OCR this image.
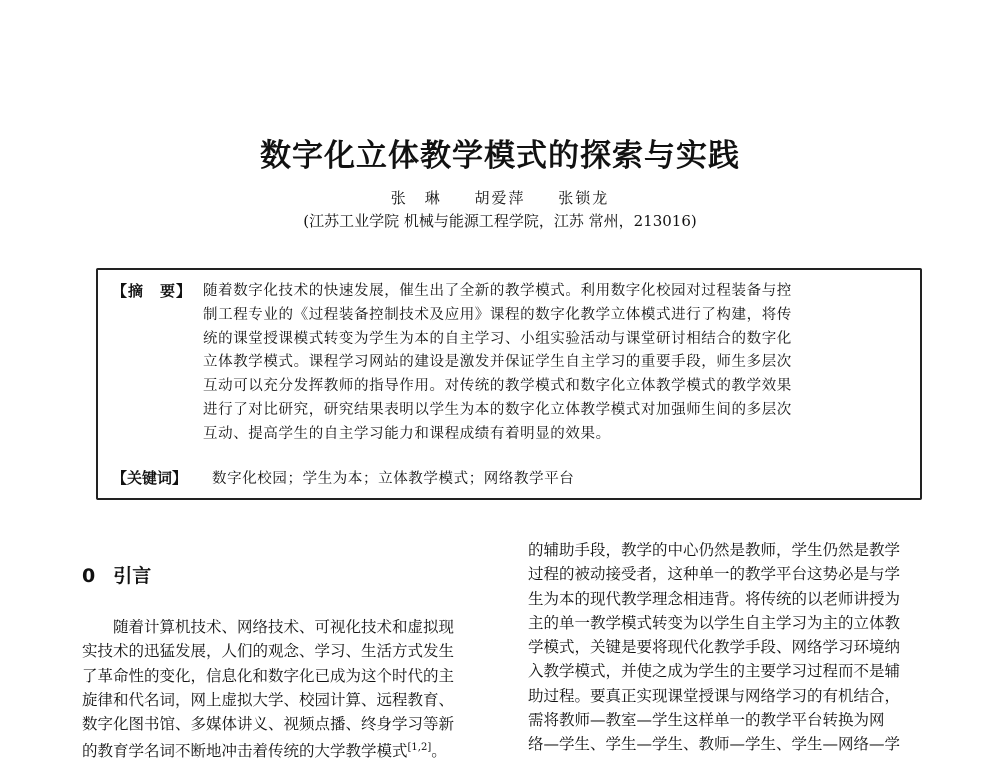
数字化立体教学模式的探索与实践
张　琳 胡爱萍 张锁龙
(江苏工业学院 机械与能源工程学院，江苏 常州，213016)
【摘　要】 随着数字化技术的快速发展，催生出了全新的教学模式。利用数字化校园对过程装备与控
制工程专业的《过程装备控制技术及应用》课程的数字化教学立体模式进行了构建，将传
统的课堂授课模式转变为学生为本的自主学习、小组实验活动与课堂研讨相结合的数字化
立体教学模式。课程学习网站的建设是激发并保证学生自主学习的重要手段，师生多层次
互动可以充分发挥教师的指导作用。对传统的教学模式和数字化立体教学模式的教学效果
进行了对比研究，研究结果表明以学生为本的数字化立体教学模式对加强师生间的多层次
互动、提高学生的自主学习能力和课程成绩有着明显的效果。
【关键词】 数字化校园；学生为本；立体教学模式；网络教学平台
0 引言
随着计算机技术、网络技术、可视化技术和虚拟现
实技术的迅猛发展，人们的观念、学习、生活方式发生
了革命性的变化，信息化和数字化已成为这个时代的主
旋律和代名词，网上虚拟大学、校园计算、远程教育、
数字化图书馆、多媒体讲义、视频点播、终身学习等新
的教育学名词不断地冲击着传统的大学教学模式[1,2]。
的辅助手段，教学的中心仍然是教师，学生仍然是教学
过程的被动接受者，这种单一的教学平台这势必是与学
生为本的现代教学理念相违背。将传统的以老师讲授为
主的单一教学模式转变为以学生自主学习为主的立体教
学模式，关键是要将现代化教学手段、网络学习环境纳
入教学模式，并使之成为学生的主要学习过程而不是辅
助过程。要真正实现课堂授课与网络学习的有机结合，
需将教师—教室—学生这样单一的教学平台转换为网
络—学生、学生—学生、教师—学生、学生—网络—学
